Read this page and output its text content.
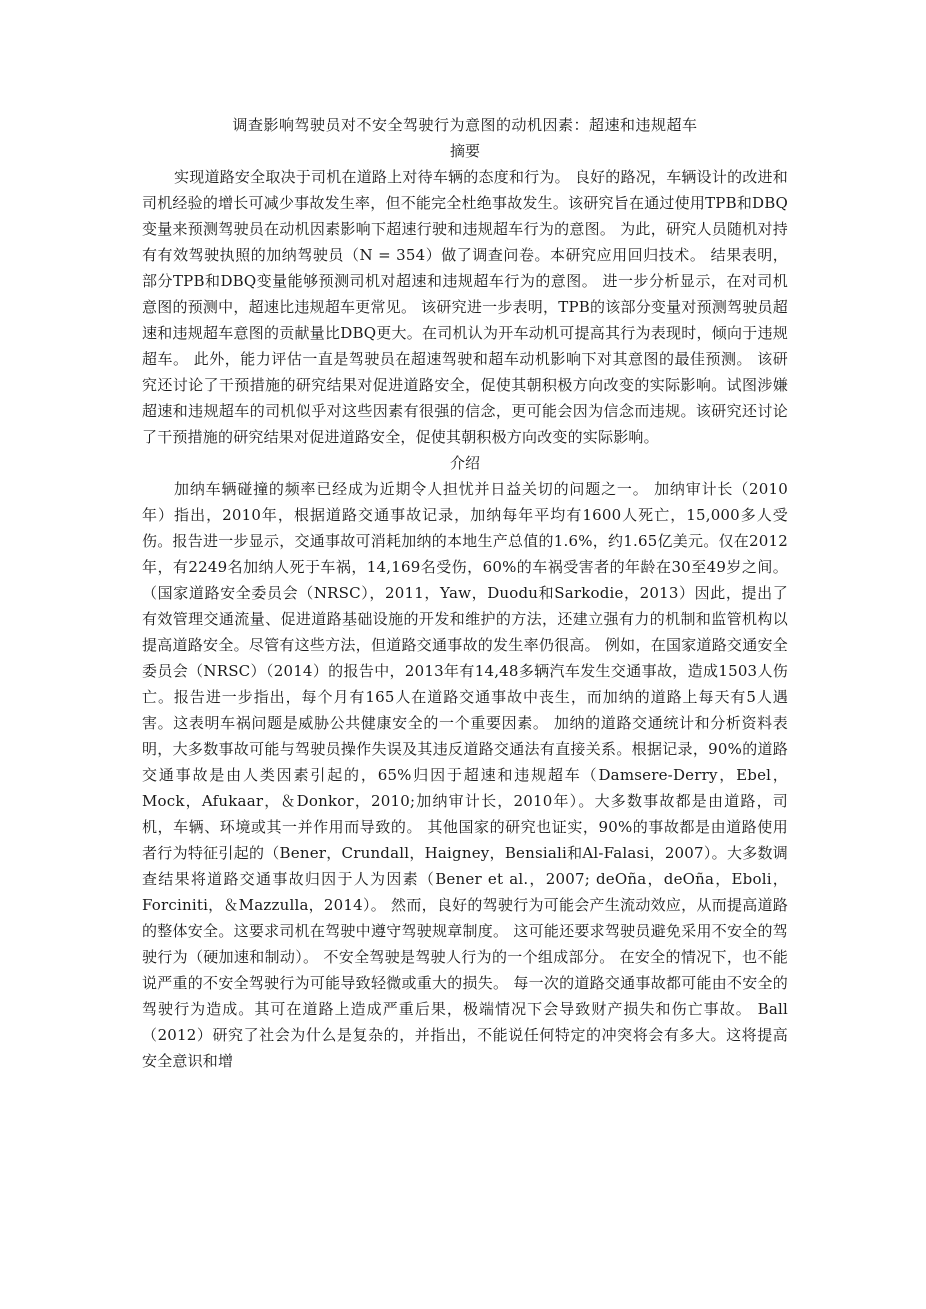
调查影响驾驶员对不安全驾驶行为意图的动机因素：超速和违规超车
摘要

实现道路安全取决于司机在道路上对待车辆的态度和行为。 良好的路况，车辆设计的改进和司机经验的增长可减少事故发生率，但不能完全杜绝事故发生。该研究旨在通过使用TPB和DBQ变量来预测驾驶员在动机因素影响下超速行驶和违规超车行为的意图。 为此，研究人员随机对持有有效驾驶执照的加纳驾驶员（N = 354）做了调查问卷。本研究应用回归技术。 结果表明，部分TPB和DBQ变量能够预测司机对超速和违规超车行为的意图。 进一步分析显示，在对司机意图的预测中，超速比违规超车更常见。 该研究进一步表明，TPB的该部分变量对预测驾驶员超速和违规超车意图的贡献量比DBQ更大。在司机认为开车动机可提高其行为表现时，倾向于违规超车。 此外，能力评估一直是驾驶员在超速驾驶和超车动机影响下对其意图的最佳预测。 该研究还讨论了干预措施的研究结果对促进道路安全，促使其朝积极方向改变的实际影响。试图涉嫌超速和违规超车的司机似乎对这些因素有很强的信念，更可能会因为信念而违规。该研究还讨论了干预措施的研究结果对促进道路安全，促使其朝积极方向改变的实际影响。

介绍

加纳车辆碰撞的频率已经成为近期令人担忧并日益关切的问题之一。 加纳审计长（2010年）指出，2010年，根据道路交通事故记录，加纳每年平均有1600人死亡，15,000多人受伤。报告进一步显示，交通事故可消耗加纳的本地生产总值的1.6%，约1.65亿美元。仅在2012年，有2249名加纳人死于车祸，14,169名受伤，60%的车祸受害者的年龄在30至49岁之间。（国家道路安全委员会（NRSC），2011，Yaw，Duodu和Sarkodie，2013）因此，提出了有效管理交通流量、促进道路基础设施的开发和维护的方法，还建立强有力的机制和监管机构以提高道路安全。尽管有这些方法，但道路交通事故的发生率仍很高。 例如，在国家道路交通安全委员会（NRSC）（2014）的报告中，2013年有14,48多辆汽车发生交通事故，造成1503人伤亡。报告进一步指出，每个月有165人在道路交通事故中丧生，而加纳的道路上每天有5人遇害。这表明车祸问题是威胁公共健康安全的一个重要因素。 加纳的道路交通统计和分析资料表明，大多数事故可能与驾驶员操作失误及其违反道路交通法有直接关系。根据记录，90%的道路交通事故是由人类因素引起的，65%归因于超速和违规超车（Damsere-Derry，Ebel，Mock，Afukaar，＆Donkor，2010;加纳审计长，2010年）。大多数事故都是由道路，司机，车辆、环境或其一并作用而导致的。 其他国家的研究也证实，90%的事故都是由道路使用者行为特征引起的（Bener，Crundall，Haigney，Bensiali和Al-Falasi，2007）。大多数调查结果将道路交通事故归因于人为因素（Bener et al.，2007; deOña，deOña，Eboli，Forciniti，＆Mazzulla，2014）。 然而，良好的驾驶行为可能会产生流动效应，从而提高道路的整体安全。这要求司机在驾驶中遵守驾驶规章制度。 这可能还要求驾驶员避免采用不安全的驾驶行为（硬加速和制动）。 不安全驾驶是驾驶人行为的一个组成部分。 在安全的情况下，也不能说严重的不安全驾驶行为可能导致轻微或重大的损失。 每一次的道路交通事故都可能由不安全的驾驶行为造成。其可在道路上造成严重后果，极端情况下会导致财产损失和伤亡事故。 Ball（2012）研究了社会为什么是复杂的，并指出，不能说任何特定的冲突将会有多大。这将提高安全意识和增
